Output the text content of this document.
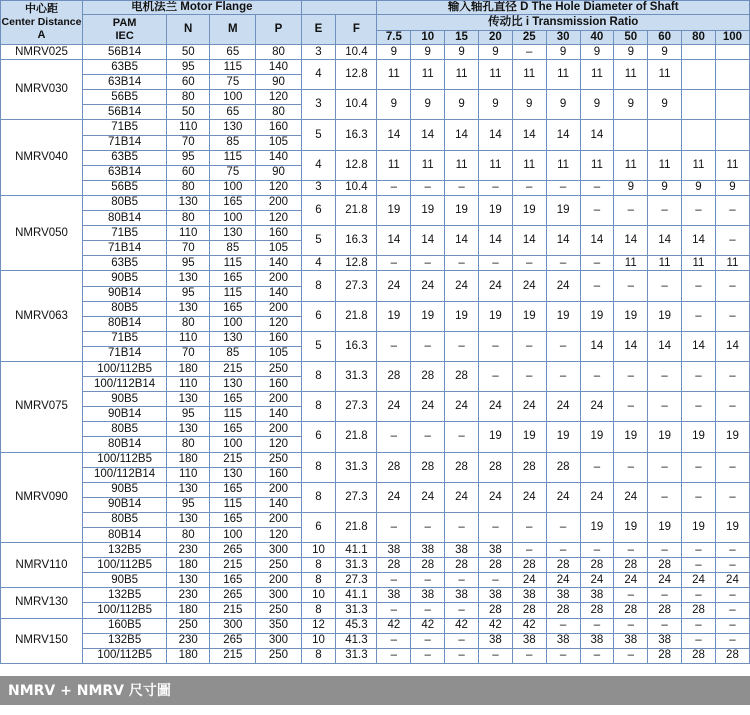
中心距
Center Distance
A	电机法兰 Motor Flange						输入轴孔直径 D The Hole Diameter of Shaft										
	PAM
IEC	N	M	P	E	F	传动比 i Transmission Ratio										
							7.5	10	15	20	25	30	40	50	60	80	100
NMRV025	56B14	50	65	80	3	10.4	9	9	9	9	–	9	9	9	9		
NMRV030	63B5	95	115	140	4	12.8	11	11	11	11	11	11	11	11	11		
	63B14	60	75	90													
	56B5	80	100	120	3	10.4	9	9	9	9	9	9	9	9	9		
	56B14	50	65	80													
NMRV040	71B5	110	130	160	5	16.3	14	14	14	14	14	14	14				
	71B14	70	85	105													
	63B5	95	115	140	4	12.8	11	11	11	11	11	11	11	11	11	11	11
	63B14	60	75	90													
	56B5	80	100	120	3	10.4	–	–	–	–	–	–	–	9	9	9	9
NMRV050	80B5	130	165	200	6	21.8	19	19	19	19	19	19	–	–	–	–	–
	80B14	80	100	120													
	71B5	110	130	160	5	16.3	14	14	14	14	14	14	14	14	14	14	–
	71B14	70	85	105													
	63B5	95	115	140	4	12.8	–	–	–	–	–	–	–	11	11	11	11
NMRV063	90B5	130	165	200	8	27.3	24	24	24	24	24	24	–	–	–	–	–
	90B14	95	115	140													
	80B5	130	165	200	6	21.8	19	19	19	19	19	19	19	19	19	–	–
	80B14	80	100	120													
	71B5	110	130	160	5	16.3	–	–	–	–	–	–	14	14	14	14	14
	71B14	70	85	105													
NMRV075	100/112B5	180	215	250	8	31.3	28	28	28	–	–	–	–	–	–	–	–
	100/112B14	110	130	160													
	90B5	130	165	200	8	27.3	24	24	24	24	24	24	24	–	–	–	–
	90B14	95	115	140													
	80B5	130	165	200	6	21.8	–	–	–	19	19	19	19	19	19	19	19
	80B14	80	100	120													
NMRV090	100/112B5	180	215	250	8	31.3	28	28	28	28	28	28	–	–	–	–	–
	100/112B14	110	130	160													
	90B5	130	165	200	8	27.3	24	24	24	24	24	24	24	24	–	–	–
	90B14	95	115	140													
	80B5	130	165	200	6	21.8	–	–	–	–	–	–	19	19	19	19	19
	80B14	80	100	120													
NMRV110	132B5	230	265	300	10	41.1	38	38	38	38	–	–	–	–	–	–	–
	100/112B5	180	215	250	8	31.3	28	28	28	28	28	28	28	28	28	–	–
	90B5	130	165	200	8	27.3	–	–	–	–	24	24	24	24	24	24	24
NMRV130	132B5	230	265	300	10	41.1	38	38	38	38	38	38	38	–	–	–	–
	100/112B5	180	215	250	8	31.3	–	–	–	28	28	28	28	28	28	28	–
NMRV150	160B5	250	300	350	12	45.3	42	42	42	42	42	–	–	–	–	–	–
	132B5	230	265	300	10	41.3	–	–	–	38	38	38	38	38	38	–	–
	100/112B5	180	215	250	8	31.3	–	–	–	–	–	–	–	–	28	28	28
NMRV + NMRV 尺寸圖
